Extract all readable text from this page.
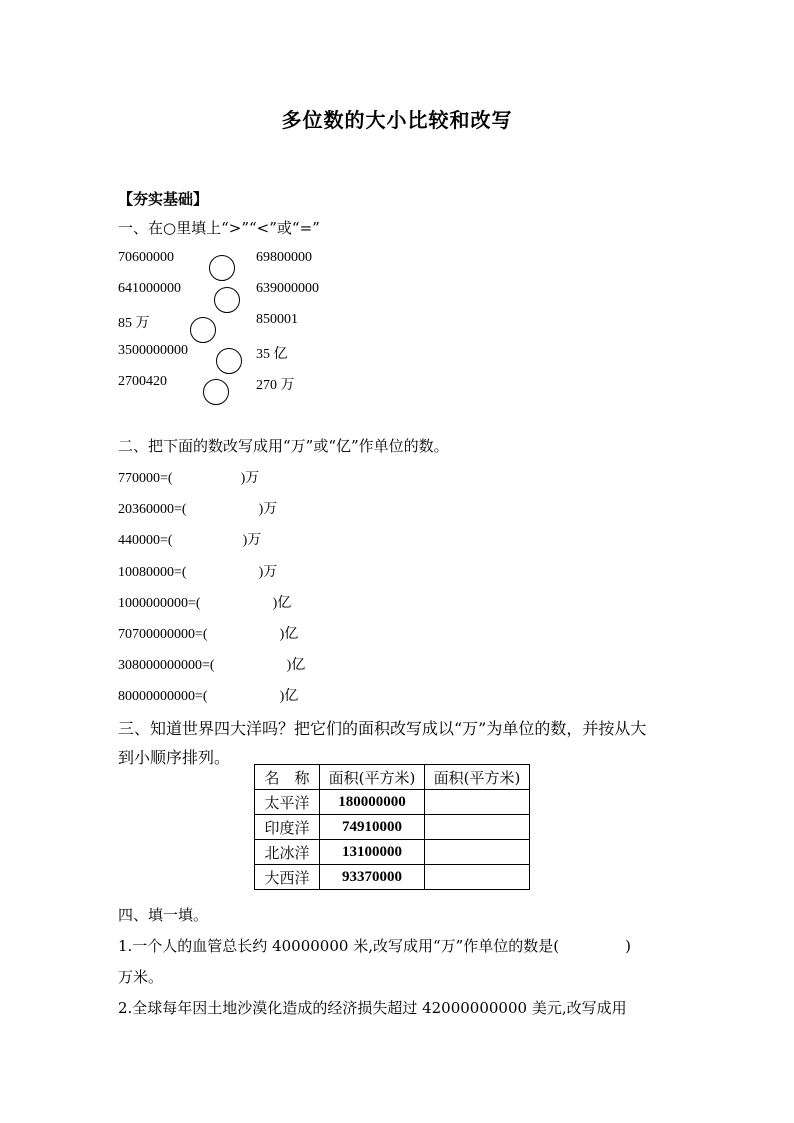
多位数的大小比较和改写
【夯实基础】
一、在○里填上“>”“<”或“=”
70600000	69800000
641000000	639000000
85 万	850001
3500000000	35 亿
2700420	270 万
二、把下面的数改写成用“万”或“亿”作单位的数。
770000=(	)万
20360000=(	)万
440000=(	)万
10080000=(	)万
1000000000=(	)亿
70700000000=(	)亿
308000000000=(	)亿
80000000000=(	)亿
三、知道世界四大洋吗？把它们的面积改写成以“万”为单位的数，并按从大
到小顺序排列。
名　称	面积(平方米)	面积(平方米)
太平洋	180000000	
印度洋	74910000	
北冰洋	13100000	
大西洋	93370000	
四、填一填。
1.一个人的血管总长约 40000000 米,改写成用“万”作单位的数是(	)
万米。
2.全球每年因土地沙漠化造成的经济损失超过 42000000000 美元,改写成用
